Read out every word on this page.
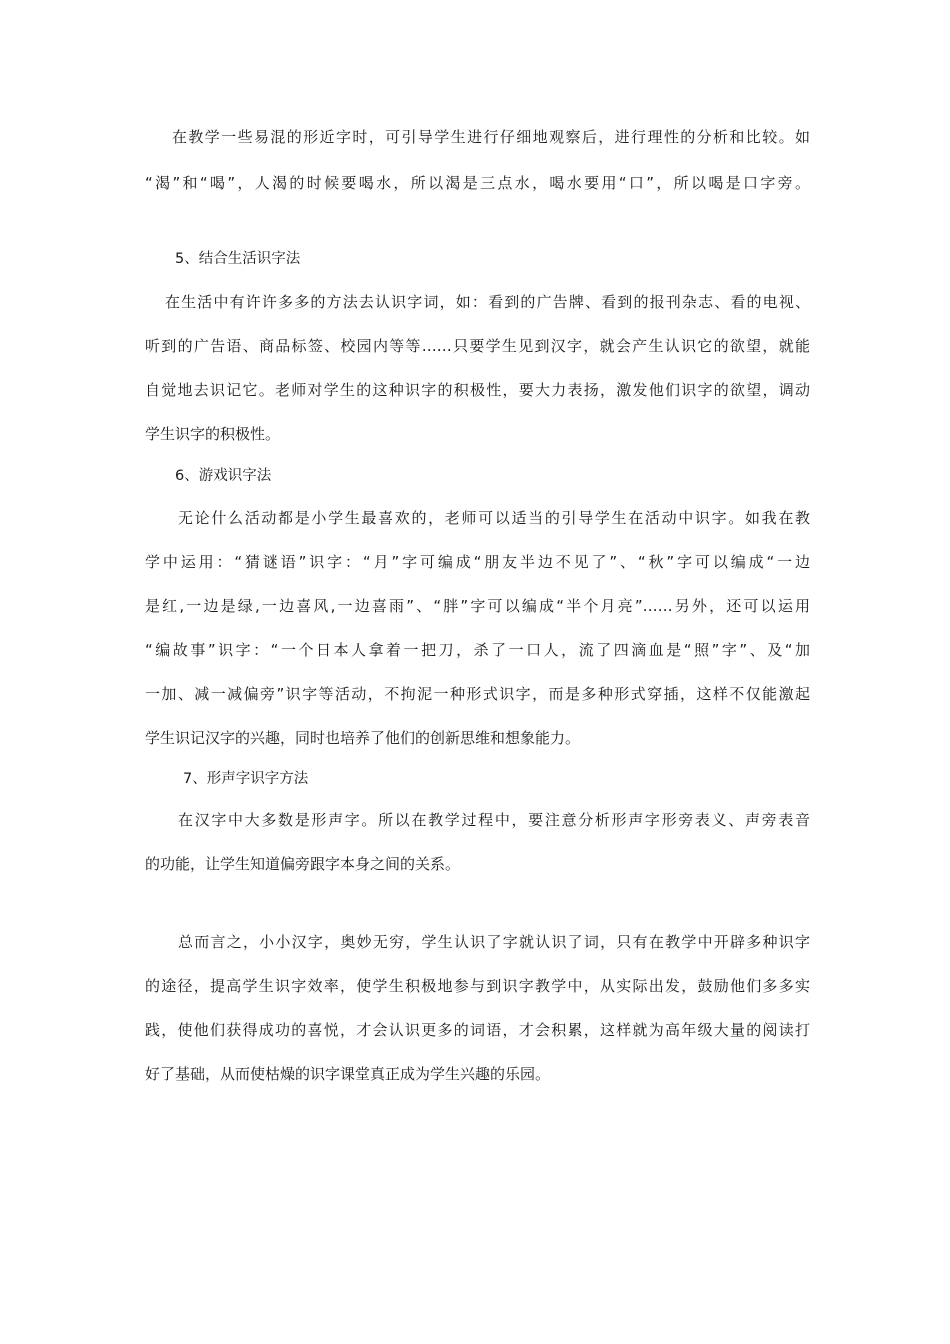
在教学一些易混的形近字时，可引导学生进行仔细地观察后，进行理性的分析和比较。如
“渴”和“喝”，人渴的时候要喝水，所以渴是三点水，喝水要用“口”，所以喝是口字旁。
5、结合生活识字法
在生活中有许许多多的方法去认识字词，如：看到的广告牌、看到的报刊杂志、看的电视、
听到的广告语、商品标签、校园内等等……只要学生见到汉字，就会产生认识它的欲望，就能
自觉地去识记它。老师对学生的这种识字的积极性，要大力表扬，激发他们识字的欲望，调动
学生识字的积极性。
6、游戏识字法
无论什么活动都是小学生最喜欢的，老师可以适当的引导学生在活动中识字。如我在教
学中运用：“猜谜语”识字：“月”字可编成“朋友半边不见了”、“秋”字可以编成“一边
是红,一边是绿,一边喜风,一边喜雨”、“胖”字可以编成“半个月亮”……另外，还可以运用
“编故事”识字：“一个日本人拿着一把刀，杀了一口人，流了四滴血是“照”字”、及“加
一加、减一减偏旁”识字等活动，不拘泥一种形式识字，而是多种形式穿插，这样不仅能激起
学生识记汉字的兴趣，同时也培养了他们的创新思维和想象能力。
7、形声字识字方法
在汉字中大多数是形声字。所以在教学过程中，要注意分析形声字形旁表义、声旁表音
的功能，让学生知道偏旁跟字本身之间的关系。
总而言之，小小汉字，奥妙无穷，学生认识了字就认识了词，只有在教学中开辟多种识字
的途径，提高学生识字效率，使学生积极地参与到识字教学中，从实际出发，鼓励他们多多实
践，使他们获得成功的喜悦，才会认识更多的词语，才会积累，这样就为高年级大量的阅读打
好了基础，从而使枯燥的识字课堂真正成为学生兴趣的乐园。
